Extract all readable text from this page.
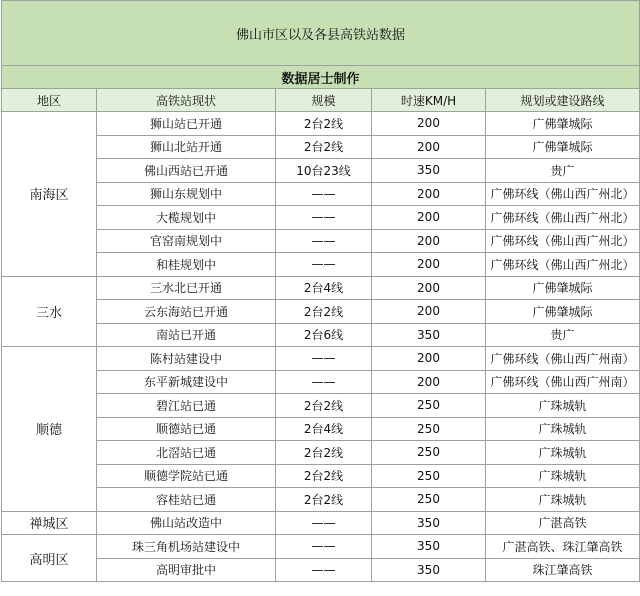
佛山市区以及各县高铁站数据				
数据居士制作				
地区	高铁站现状	规模	时速KM/H	规划或建设路线
南海区	狮山站已开通	2台2线	200	广佛肇城际
	狮山北站开通	2台2线	200	广佛肇城际
	佛山西站已开通	10台23线	350	贵广
	狮山东规划中	——	200	广佛环线（佛山西广州北）
	大榄规划中	——	200	广佛环线（佛山西广州北）
	官窑南规划中	——	200	广佛环线（佛山西广州北）
	和桂规划中	——	200	广佛环线（佛山西广州北）
三水	三水北已开通	2台4线	200	广佛肇城际
	云东海站已开通	2台2线	200	广佛肇城际
	南站已开通	2台6线	350	贵广
顺德	陈村站建设中	——	200	广佛环线（佛山西广州南）
	东平新城建设中	——	200	广佛环线（佛山西广州南）
	碧江站已通	2台2线	250	广珠城轨
	顺德站已通	2台4线	250	广珠城轨
	北滘站已通	2台2线	250	广珠城轨
	顺德学院站已通	2台2线	250	广珠城轨
	容桂站已通	2台2线	250	广珠城轨
禅城区	佛山站改造中	——	350	广湛高铁
高明区	珠三角机场站建设中	——	350	广湛高铁、珠江肇高铁
	高明审批中	——	350	珠江肇高铁
